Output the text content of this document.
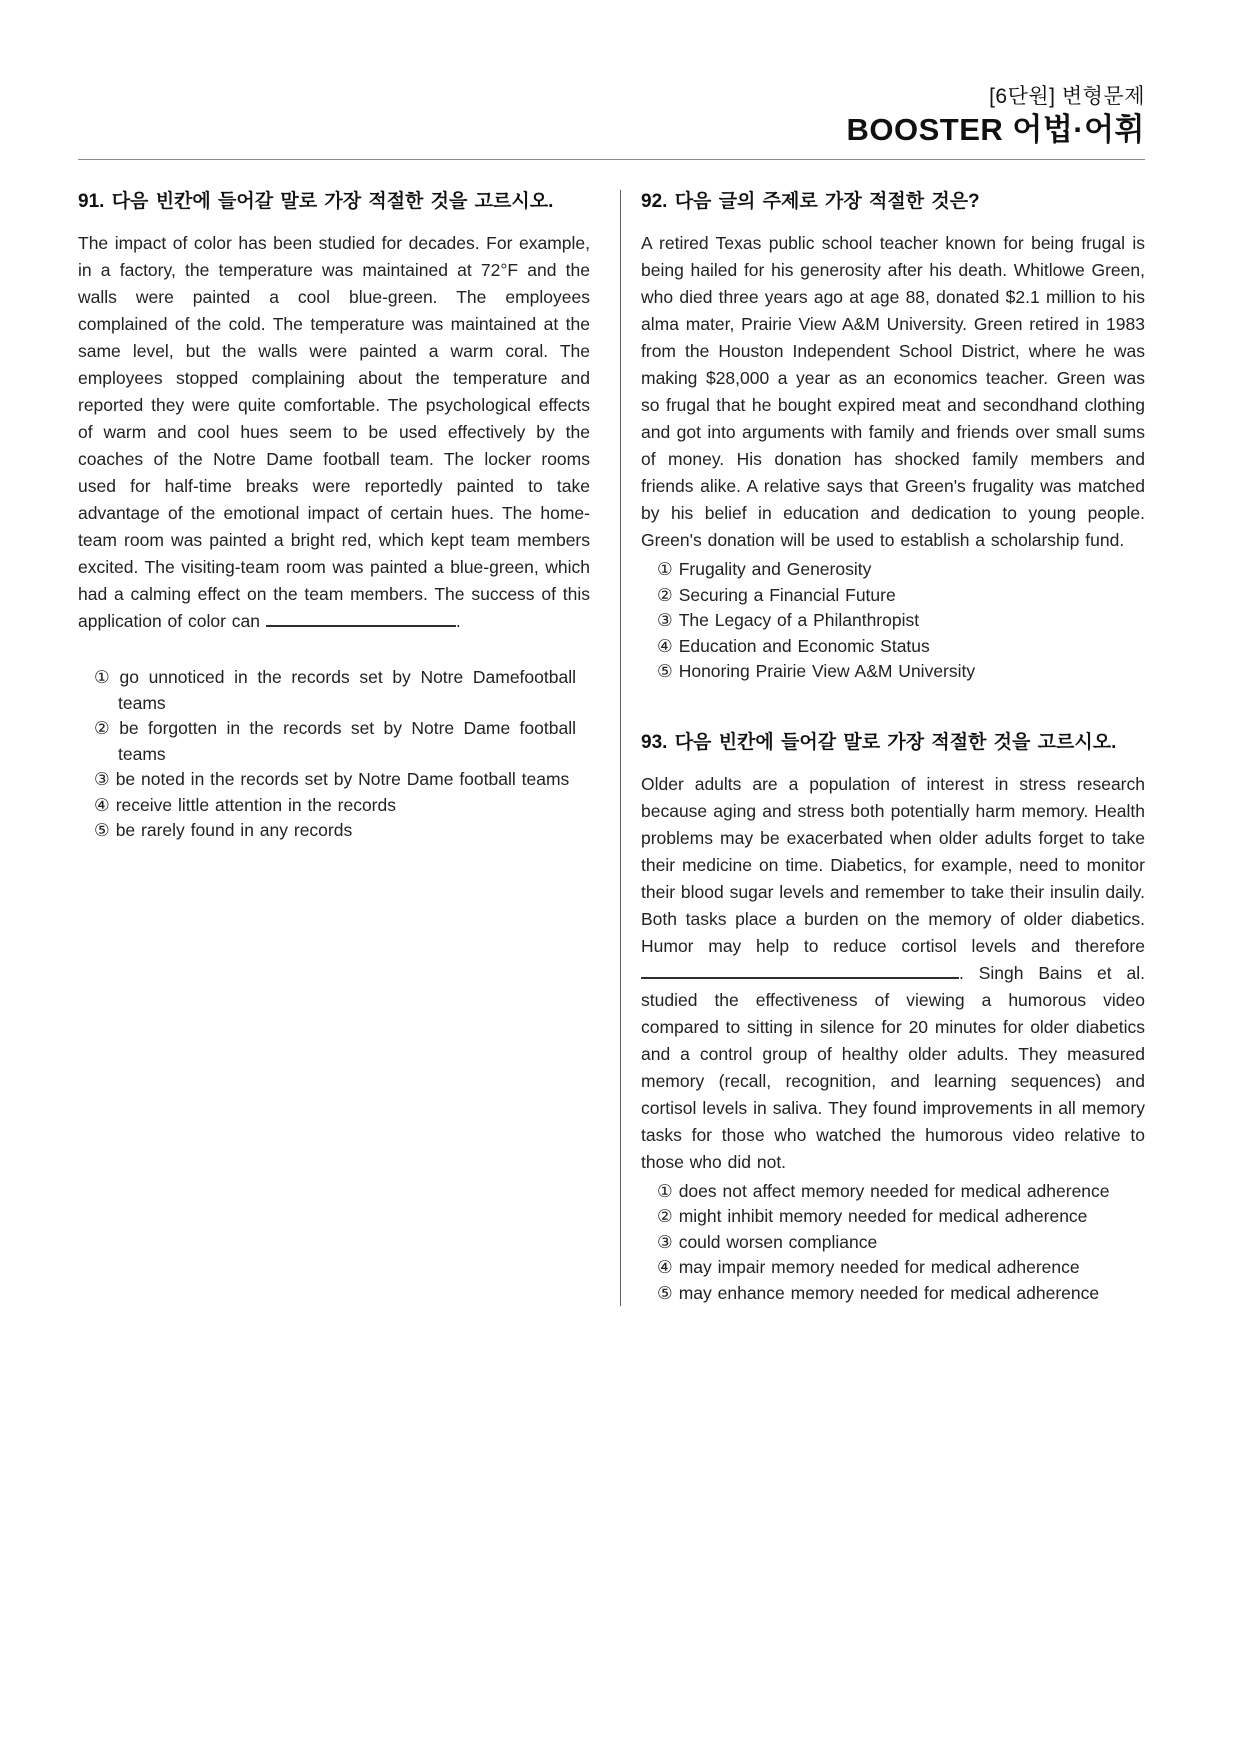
[6단원] 변형문제
BOOSTER 어법·어휘
91. 다음 빈칸에 들어갈 말로 가장 적절한 것을 고르시오.

The impact of color has been studied for decades. For example, in a factory, the temperature was maintained at 72°F and the walls were painted a cool blue-green. The employees complained of the cold. The temperature was maintained at the same level, but the walls were painted a warm coral. The employees stopped complaining about the temperature and reported they were quite comfortable. The psychological effects of warm and cool hues seem to be used effectively by the coaches of the Notre Dame football team. The locker rooms used for half-time breaks were reportedly painted to take advantage of the emotional impact of certain hues. The home-team room was painted a bright red, which kept team members excited. The visiting-team room was painted a blue-green, which had a calming effect on the team members. The success of this application of color can	.

① go unnoticed in the records set by Notre Damefootball teams
② be forgotten in the records set by Notre Dame football teams
③ be noted in the records set by Notre Dame football teams
④ receive little attention in the records
⑤ be rarely found in any records
92. 다음 글의 주제로 가장 적절한 것은?

A retired Texas public school teacher known for being frugal is being hailed for his generosity after his death. Whitlowe Green, who died three years ago at age 88, donated $2.1 million to his alma mater, Prairie View A&M University. Green retired in 1983 from the Houston Independent School District, where he was making $28,000 a year as an economics teacher. Green was so frugal that he bought expired meat and secondhand clothing and got into arguments with family and friends over small sums of money. His donation has shocked family members and friends alike. A relative says that Green's frugality was matched by his belief in education and dedication to young people. Green's donation will be used to establish a scholarship fund.

① Frugality and Generosity
② Securing a Financial Future
③ The Legacy of a Philanthropist
④ Education and Economic Status
⑤ Honoring Prairie View A&M University
93. 다음 빈칸에 들어갈 말로 가장 적절한 것을 고르시오.

Older adults are a population of interest in stress research because aging and stress both potentially harm memory. Health problems may be exacerbated when older adults forget to take their medicine on time. Diabetics, for example, need to monitor their blood sugar levels and remember to take their insulin daily. Both tasks place a burden on the memory of older diabetics. Humor may help to reduce cortisol levels and therefore . Singh Bains et al. studied the effectiveness of viewing a humorous video compared to sitting in silence for 20 minutes for older diabetics and a control group of healthy older adults. They measured memory (recall, recognition, and learning sequences) and cortisol levels in saliva. They found improvements in all memory tasks for those who watched the humorous video relative to those who did not.

① does not affect memory needed for medical adherence
② might inhibit memory needed for medical adherence
③ could worsen compliance
④ may impair memory needed for medical adherence
⑤ may enhance memory needed for medical adherence
